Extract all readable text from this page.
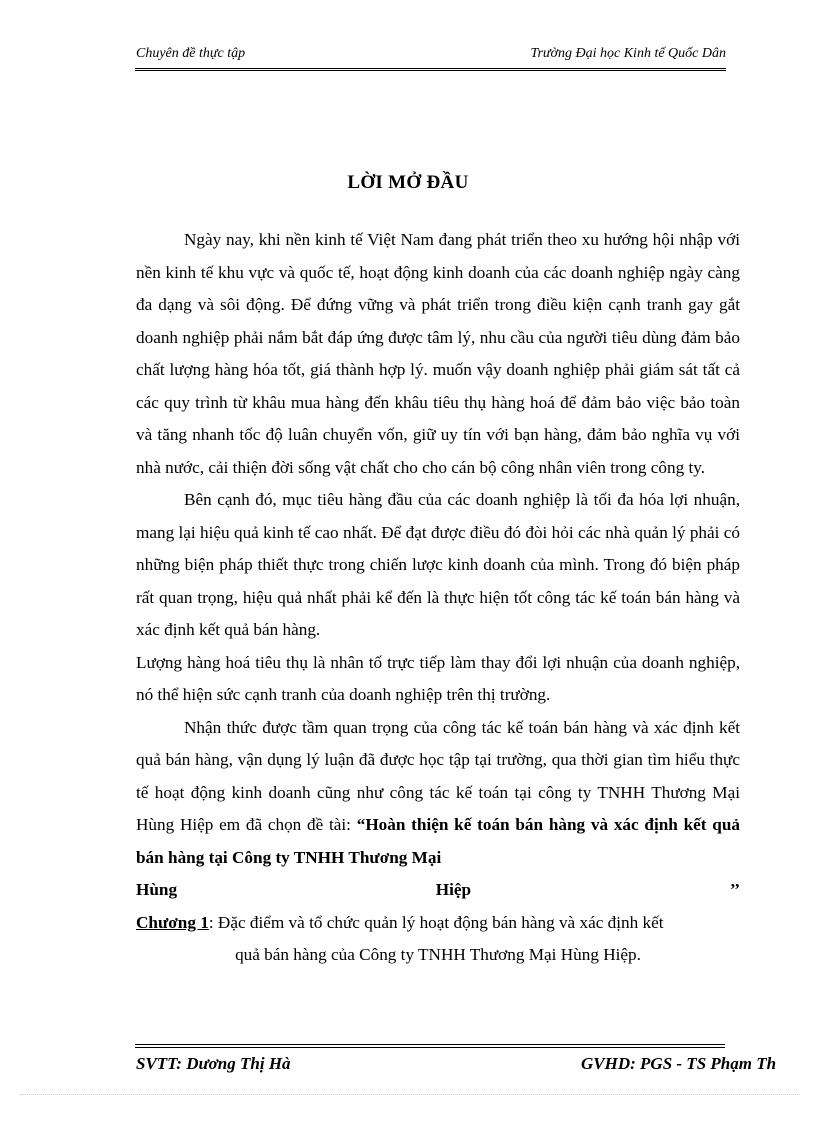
Chuyên đề thực tập	Trường Đại học Kinh tế Quốc Dân
LỜI MỞ ĐẦU

Ngày nay, khi nền kinh tế Việt Nam đang phát triển theo xu hướng hội nhập với nền kinh tế khu vực và quốc tế, hoạt động kinh doanh của các doanh nghiệp ngày càng đa dạng và sôi động. Để đứng vững và phát triển trong điều kiện cạnh tranh gay gắt doanh nghiệp phải nắm bắt đáp ứng được tâm lý, nhu cầu của người tiêu dùng đảm bảo chất lượng hàng hóa tốt, giá thành hợp lý. muốn vậy doanh nghiệp phải giám sát tất cả các quy trình từ khâu mua hàng đến khâu tiêu thụ hàng hoá để đảm bảo việc bảo toàn và tăng nhanh tốc độ luân chuyển vốn, giữ uy tín với bạn hàng, đảm bảo nghĩa vụ với nhà nước, cải thiện đời sống vật chất cho cho cán bộ công nhân viên trong công ty.

Bên cạnh đó, mục tiêu hàng đầu của các doanh nghiệp là tối đa hóa lợi nhuận, mang lại hiệu quả kinh tế cao nhất. Để đạt được điều đó đòi hỏi các nhà quản lý phải có những biện pháp thiết thực trong chiến lược kinh doanh của mình. Trong đó biện pháp rất quan trọng, hiệu quả nhất phải kể đến là thực hiện tốt công tác kế toán bán hàng và xác định kết quả bán hàng.

Lượng hàng hoá tiêu thụ là nhân tố trực tiếp làm thay đổi lợi nhuận của doanh nghiệp, nó thể hiện sức cạnh tranh của doanh nghiệp trên thị trường.

Nhận thức được tầm quan trọng của công tác kế toán bán hàng và xác định kết quả bán hàng, vận dụng lý luận đã được học tập tại trường, qua thời gian tìm hiểu thực tế hoạt động kinh doanh cũng như công tác kế toán tại công ty TNHH Thương Mại Hùng Hiệp em đã chọn đề tài: “Hoàn thiện kế toán bán hàng và xác định kết quả bán hàng tại Công ty TNHH Thương Mại

Hùng	Hiệp	’’

Chương 1: Đặc điểm và tổ chức quản lý hoạt động bán hàng và xác định kết

quả bán hàng của Công ty TNHH Thương Mại Hùng Hiệp.

SVTT: Dương Thị Hà	GVHD: PGS - TS Phạm Th
